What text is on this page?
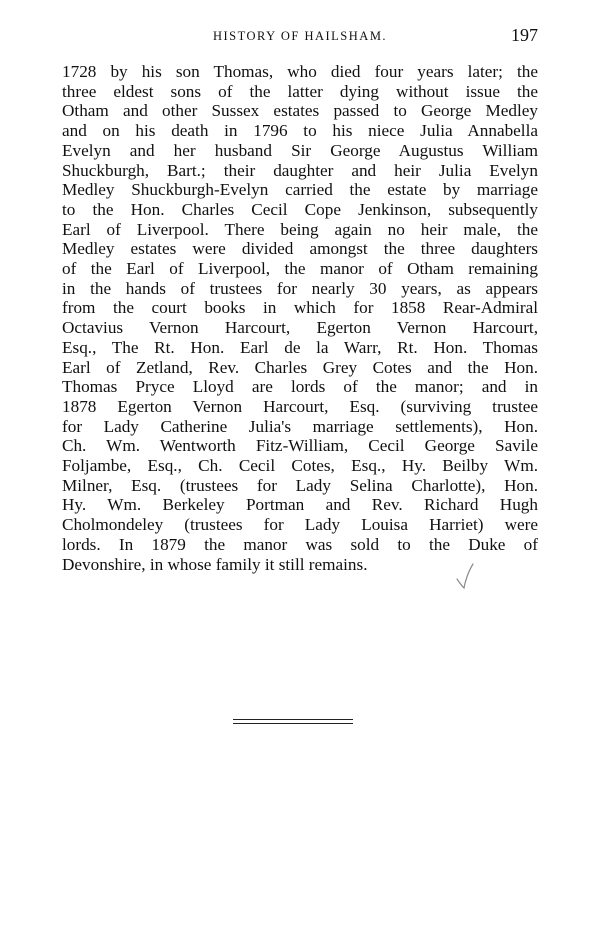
HISTORY OF HAILSHAM.	197
1728 by his son Thomas, who died four years later; the
three eldest sons of the latter dying without issue the
Otham and other Sussex estates passed to George Medley
and on his death in 1796 to his niece Julia Annabella
Evelyn and her husband Sir George Augustus William
Shuckburgh, Bart.; their daughter and heir Julia Evelyn
Medley Shuckburgh-Evelyn carried the estate by marriage
to the Hon. Charles Cecil Cope Jenkinson, subsequently
Earl of Liverpool. There being again no heir male, the
Medley estates were divided amongst the three daughters
of the Earl of Liverpool, the manor of Otham remaining
in the hands of trustees for nearly 30 years, as appears
from the court books in which for 1858 Rear-Admiral
Octavius Vernon Harcourt, Egerton Vernon Harcourt,
Esq., The Rt. Hon. Earl de la Warr, Rt. Hon. Thomas
Earl of Zetland, Rev. Charles Grey Cotes and the Hon.
Thomas Pryce Lloyd are lords of the manor; and in
1878 Egerton Vernon Harcourt, Esq. (surviving trustee
for Lady Catherine Julia's marriage settlements), Hon.
Ch. Wm. Wentworth Fitz-William, Cecil George Savile
Foljambe, Esq., Ch. Cecil Cotes, Esq., Hy. Beilby Wm.
Milner, Esq. (trustees for Lady Selina Charlotte), Hon.
Hy. Wm. Berkeley Portman and Rev. Richard Hugh
Cholmondeley (trustees for Lady Louisa Harriet) were
lords. In 1879 the manor was sold to the Duke of
Devonshire, in whose family it still remains.
